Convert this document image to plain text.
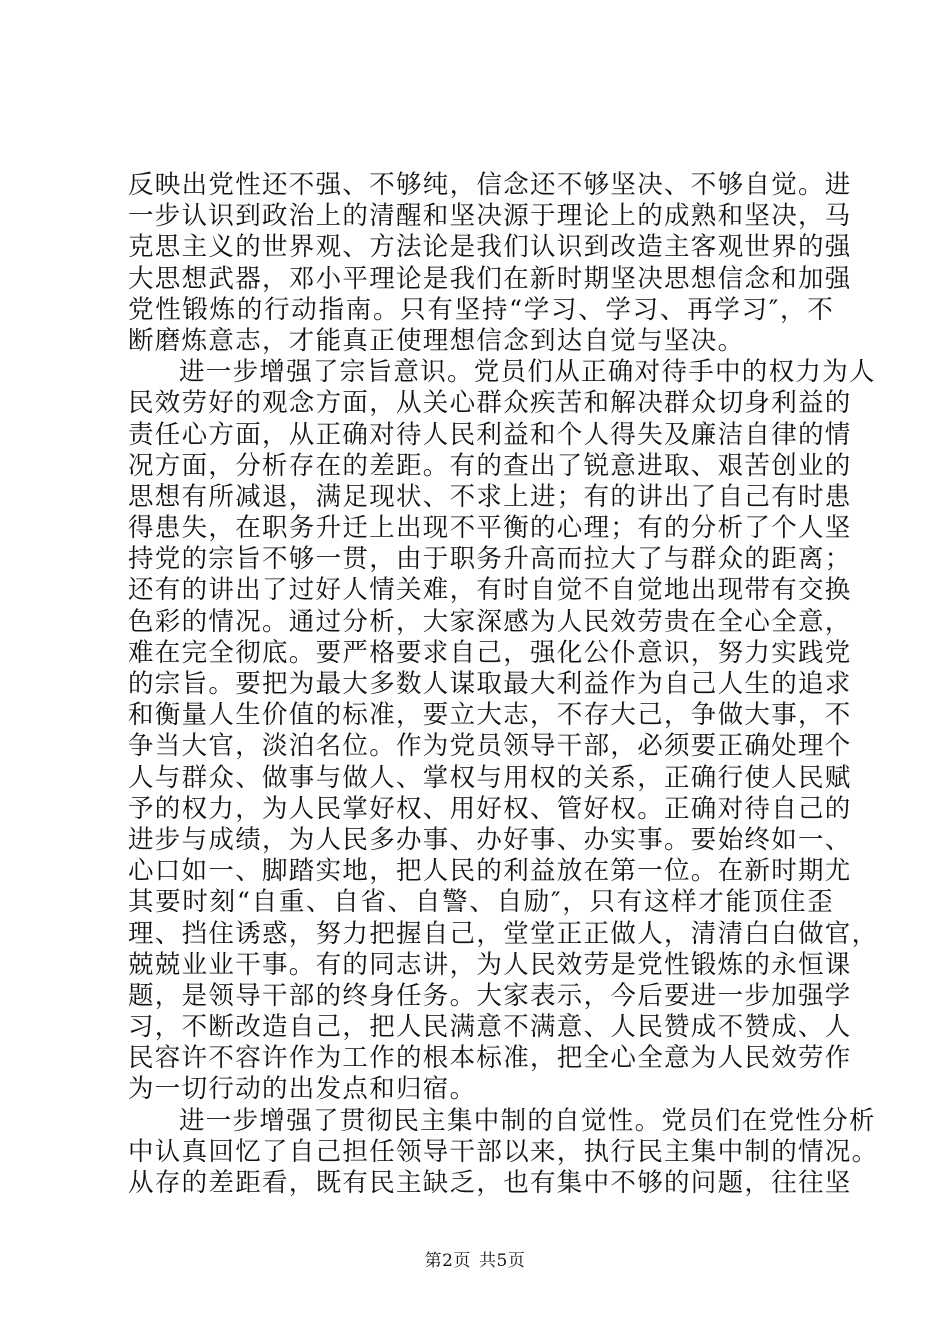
反映出党性还不强、不够纯，信念还不够坚决、不够自觉。进
一步认识到政治上的清醒和坚决源于理论上的成熟和坚决，马
克思主义的世界观、方法论是我们认识到改造主客观世界的强
大思想武器，邓小平理论是我们在新时期坚决思想信念和加强
党性锻炼的行动指南。只有坚持“学习、学习、再学习″，不
断磨炼意志，才能真正使理想信念到达自觉与坚决。
进一步增强了宗旨意识。党员们从正确对待手中的权力为人
民效劳好的观念方面，从关心群众疾苦和解决群众切身利益的
责任心方面，从正确对待人民利益和个人得失及廉洁自律的情
况方面，分析存在的差距。有的查出了锐意进取、艰苦创业的
思想有所减退，满足现状、不求上进；有的讲出了自己有时患
得患失，在职务升迁上出现不平衡的心理；有的分析了个人坚
持党的宗旨不够一贯，由于职务升高而拉大了与群众的距离；
还有的讲出了过好人情关难，有时自觉不自觉地出现带有交换
色彩的情况。通过分析，大家深感为人民效劳贵在全心全意，
难在完全彻底。要严格要求自己，强化公仆意识，努力实践党
的宗旨。要把为最大多数人谋取最大利益作为自己人生的追求
和衡量人生价值的标准，要立大志，不存大己，争做大事，不
争当大官，淡泊名位。作为党员领导干部，必须要正确处理个
人与群众、做事与做人、掌权与用权的关系，正确行使人民赋
予的权力，为人民掌好权、用好权、管好权。正确对待自己的
进步与成绩，为人民多办事、办好事、办实事。要始终如一、
心口如一、脚踏实地，把人民的利益放在第一位。在新时期尤
其要时刻“自重、自省、自警、自励″，只有这样才能顶住歪
理、挡住诱惑，努力把握自己，堂堂正正做人，清清白白做官，
兢兢业业干事。有的同志讲，为人民效劳是党性锻炼的永恒课
题，是领导干部的终身任务。大家表示，今后要进一步加强学
习，不断改造自己，把人民满意不满意、人民赞成不赞成、人
民容许不容许作为工作的根本标准，把全心全意为人民效劳作
为一切行动的出发点和归宿。
进一步增强了贯彻民主集中制的自觉性。党员们在党性分析
中认真回忆了自己担任领导干部以来，执行民主集中制的情况。
从存的差距看，既有民主缺乏，也有集中不够的问题，往往坚
第2页 共5页
